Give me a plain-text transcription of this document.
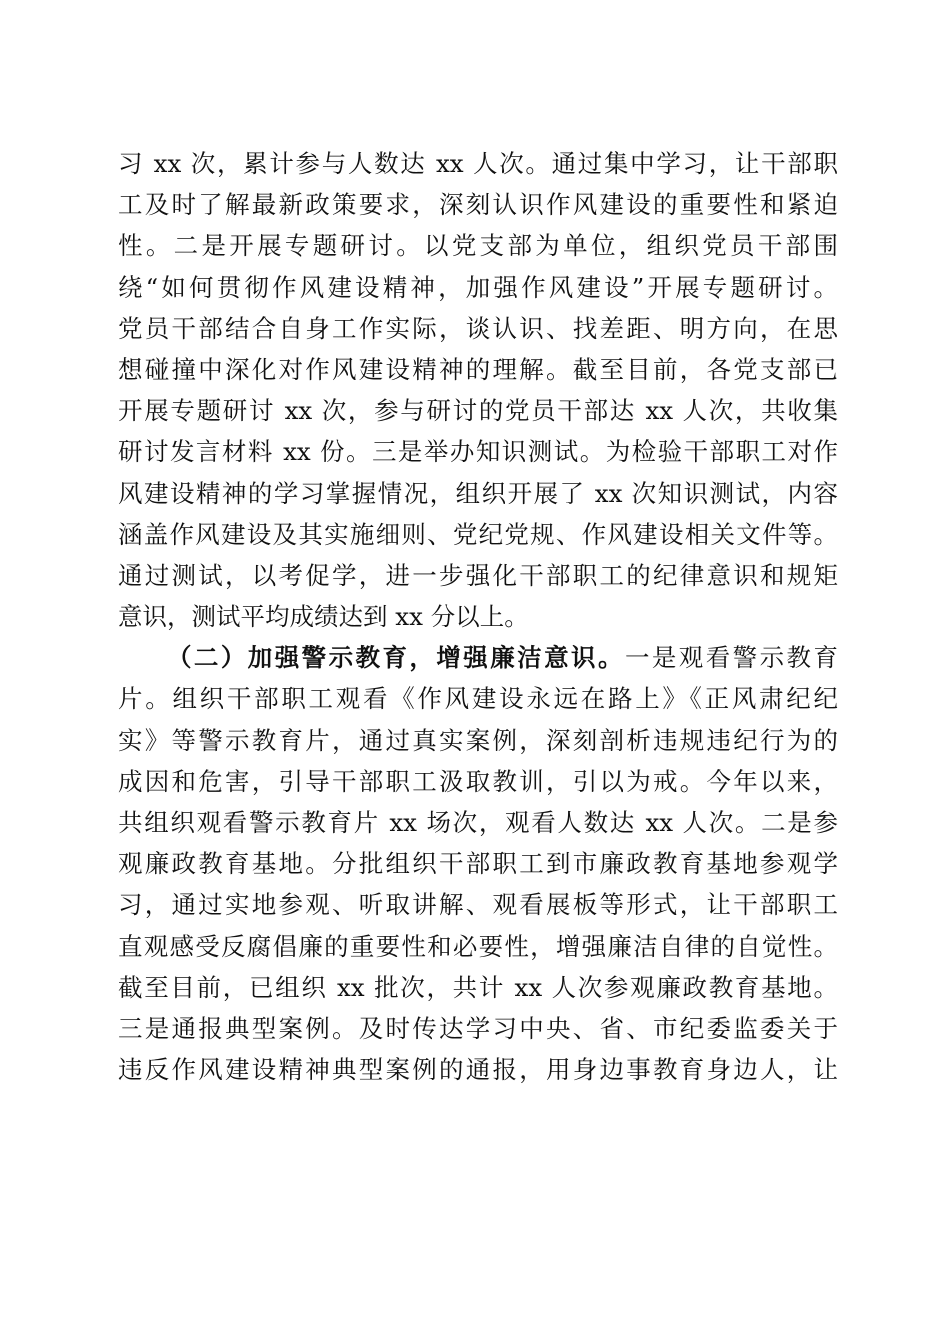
习 xx 次，累计参与人数达 xx 人次。通过集中学习，让干部职
工及时了解最新政策要求，深刻认识作风建设的重要性和紧迫
性。二是开展专题研讨。以党支部为单位，组织党员干部围
绕“如何贯彻作风建设精神，加强作风建设”开展专题研讨。
党员干部结合自身工作实际，谈认识、找差距、明方向，在思
想碰撞中深化对作风建设精神的理解。截至目前，各党支部已
开展专题研讨 xx 次，参与研讨的党员干部达 xx 人次，共收集
研讨发言材料 xx 份。三是举办知识测试。为检验干部职工对作
风建设精神的学习掌握情况，组织开展了 xx 次知识测试，内容
涵盖作风建设及其实施细则、党纪党规、作风建设相关文件等。
通过测试，以考促学，进一步强化干部职工的纪律意识和规矩
意识，测试平均成绩达到 xx 分以上。
（二）加强警示教育，增强廉洁意识。一是观看警示教育
片。组织干部职工观看《作风建设永远在路上》《正风肃纪纪
实》等警示教育片，通过真实案例，深刻剖析违规违纪行为的
成因和危害，引导干部职工汲取教训，引以为戒。今年以来，
共组织观看警示教育片 xx 场次，观看人数达 xx 人次。二是参
观廉政教育基地。分批组织干部职工到市廉政教育基地参观学
习，通过实地参观、听取讲解、观看展板等形式，让干部职工
直观感受反腐倡廉的重要性和必要性，增强廉洁自律的自觉性。
截至目前，已组织 xx 批次，共计 xx 人次参观廉政教育基地。
三是通报典型案例。及时传达学习中央、省、市纪委监委关于
违反作风建设精神典型案例的通报，用身边事教育身边人，让
